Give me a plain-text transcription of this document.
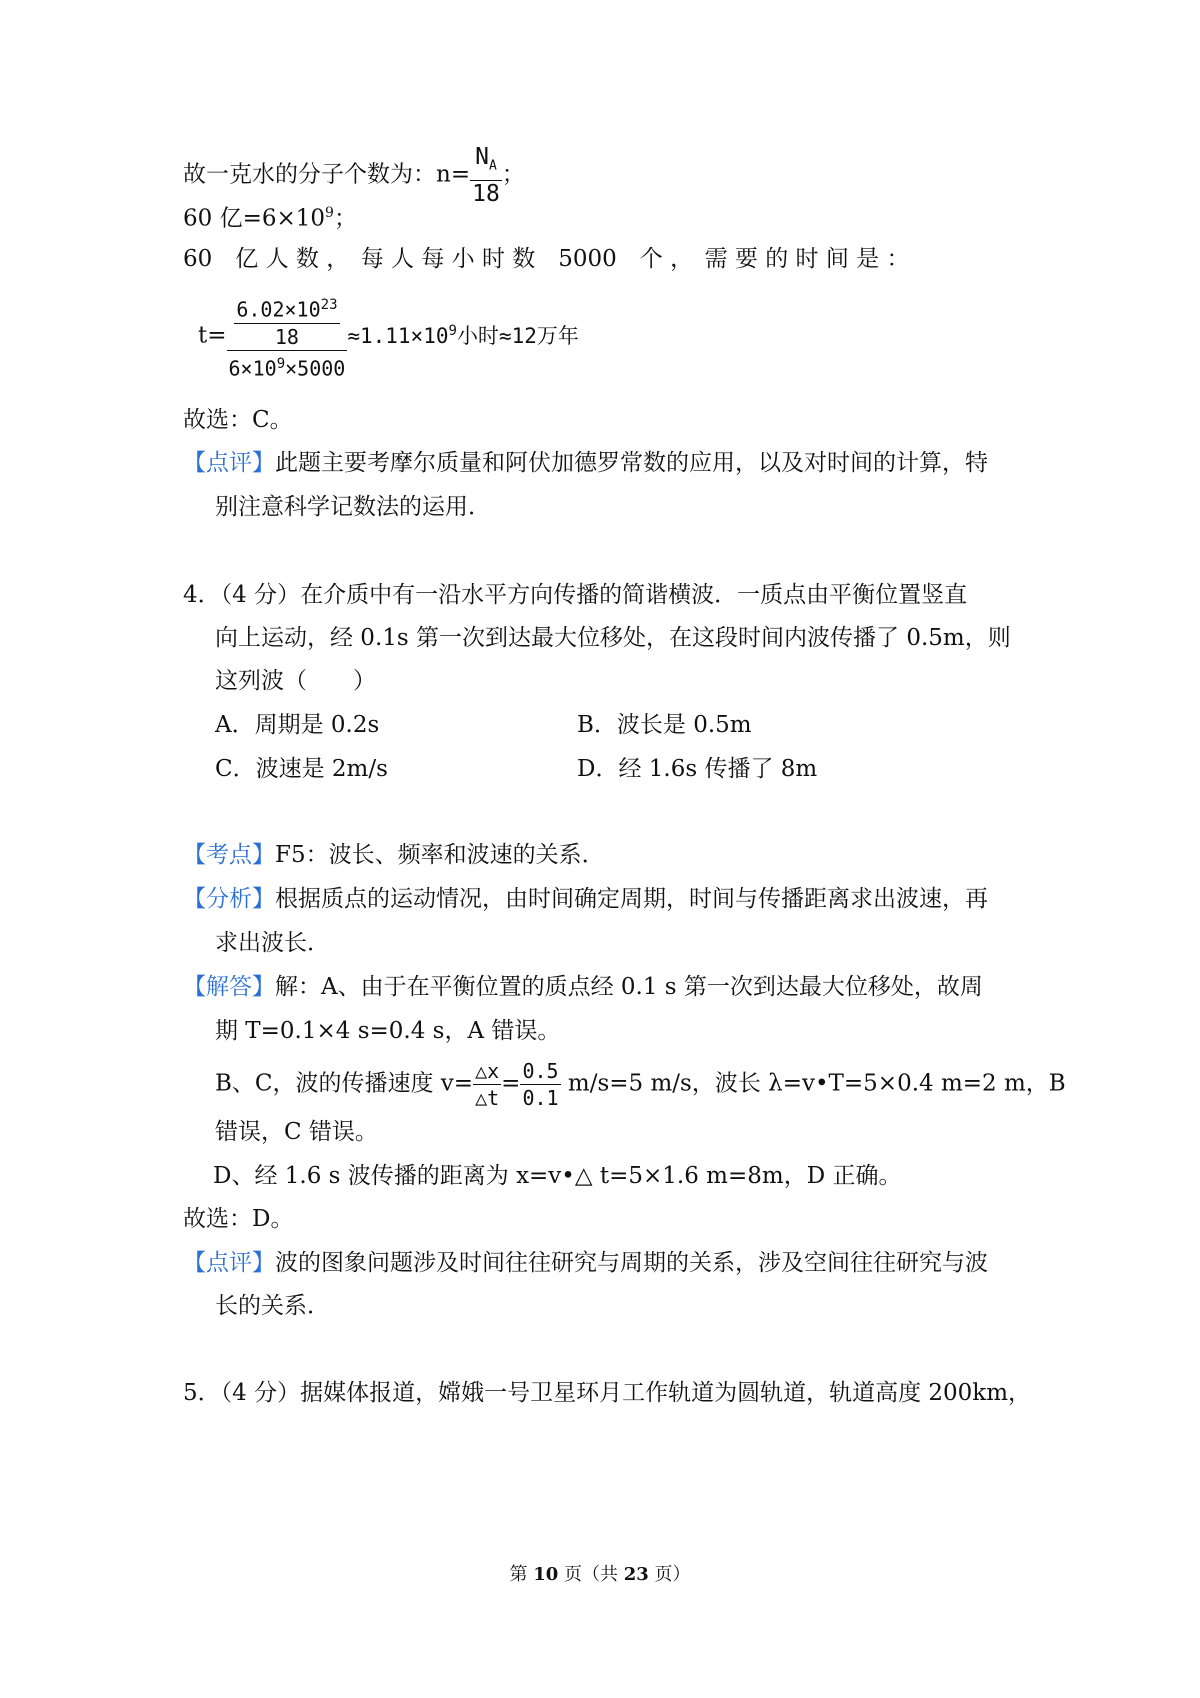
故一克水的分子个数为：$n= \frac{N_A}{18}$ ；
60 亿$=6\times 10^9$；
60　亿 人 数 ，　每 人 每 小 时 数　5000　个 ，　需 要 的 时 间 是 ：
$t= \frac{\frac{6.02\times 10^{23}}{18}}{6\times 10^9\times 5000} \approx 1.11\times 10^9$小时≈12万年
故选：C。
【点评】此题主要考摩尔质量和阿伏加德罗常数的应用，以及对时间的计算，特
别注意科学记数法的运用．
4．（4 分）在介质中有一沿水平方向传播的简谐横波．一质点由平衡位置竖直
向上运动，经 0.1s 第一次到达最大位移处，在这段时间内波传播了 0.5m，则
这列波（　　）
A．周期是 0.2s	B．波长是 0.5m
C．波速是 2m/s	D．经 1.6s 传播了 8m
【考点】F5：波长、频率和波速的关系．
【分析】根据质点的运动情况，由时间确定周期，时间与传播距离求出波速，再
求出波长．
【解答】解：A、由于在平衡位置的质点经 0.1 s 第一次到达最大位移处，故周
期 T=0.1×4 s=0.4 s，A 错误。
B、C，波的传播速度 $v= \frac{\triangle x}{\triangle t} = \frac{0.5}{0.1} m/s=5$ m/s，波长 λ=v•T=5×0.4 m=2 m，B
错误，C 错误。
D、经 1.6 s 波传播的距离为 x=v•△ t=5×1.6 m=8m，D 正确。
故选：D。
【点评】波的图象问题涉及时间往往研究与周期的关系，涉及空间往往研究与波
长的关系．
5．（4 分）据媒体报道，嫦娥一号卫星环月工作轨道为圆轨道，轨道高度 200km，
第 10 页（共 23 页）
